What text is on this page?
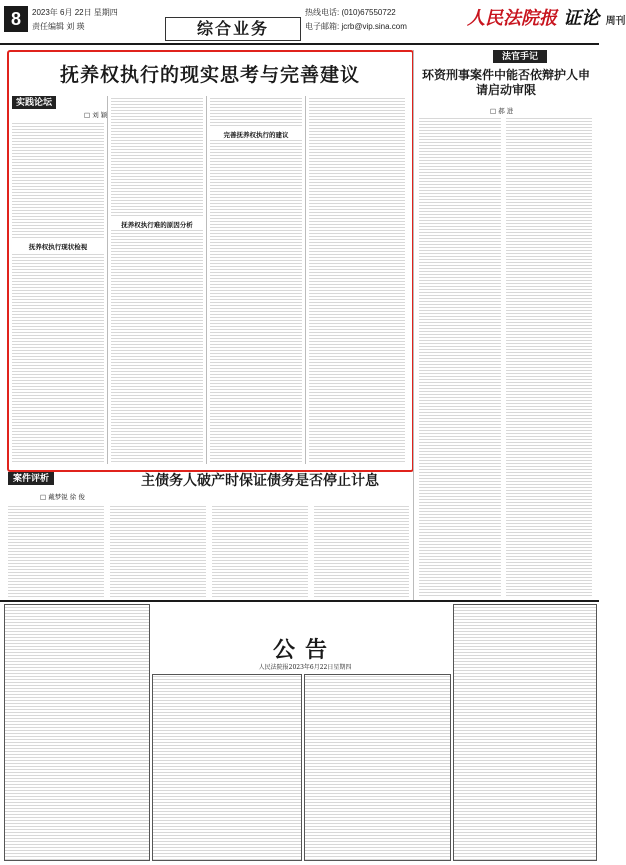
8	2023年 6月 22日 星期四
责任编辑 刘 瑛	综合业务
热线电话: (010)67550722
电子邮箱: jcrb@vip.sina.com	人民法院报 证论 周刊
抚养权执行的现实思考与完善建议
实践论坛
□ 刘 颖
抚养权执行现状检视
抚养权执行难的原因分析
完善抚养权执行的建议
法官手记
环资刑事案件中能否依辩护人申请启动审限
□ 郝 进
案件评析	主债务人破产时保证债务是否停止计息
□ 戴梦锐 徐 俊
公告
人民法院报2023年6月22日星期四
